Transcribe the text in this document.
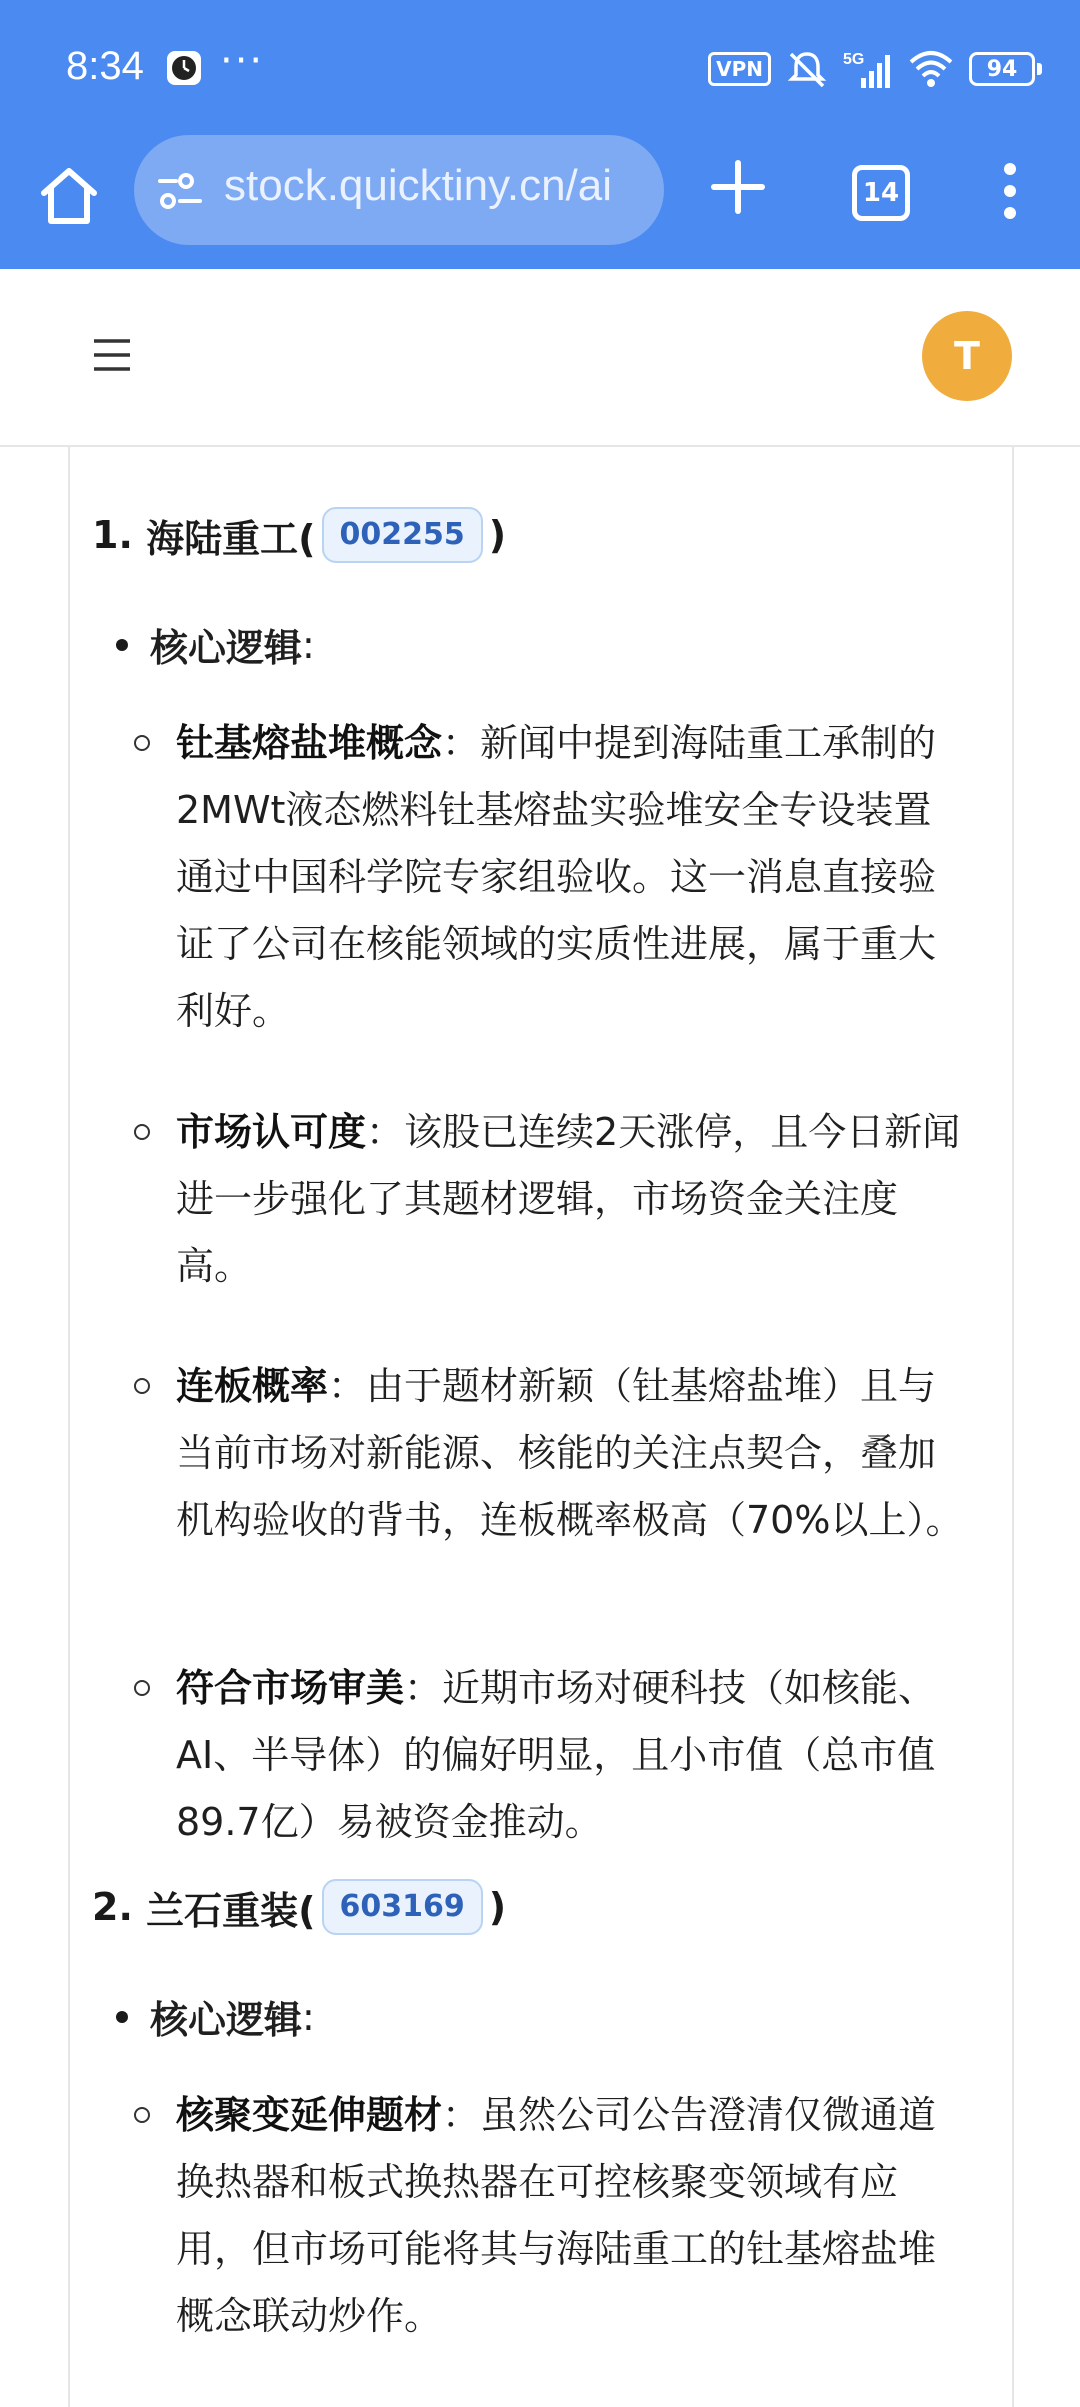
8:34 ···	VPN	5G	94
stock.quicktiny.cn/ai	14
T
1.
海陆重工( 002255 )
核心逻辑 :
钍基熔盐堆概念：新闻中提到海陆重工承制的2MWt液态燃料钍基熔盐实验堆安全专设装置通过中国科学院专家组验收。这一消息直接验证了公司在核能领域的实质性进展，属于重大利好。
市场认可度：该股已连续2天涨停，且今日新闻进一步强化了其题材逻辑，市场资金关注度高。
连板概率：由于题材新颖（钍基熔盐堆）且与当前市场对新能源、核能的关注点契合，叠加机构验收的背书，连板概率极高（70%以上）。
符合市场审美：近期市场对硬科技（如核能、AI、半导体）的偏好明显，且小市值（总市值89.7亿）易被资金推动。
2.
兰石重装( 603169 )
核心逻辑 :
核聚变延伸题材：虽然公司公告澄清仅微通道换热器和板式换热器在可控核聚变领域有应用，但市场可能将其与海陆重工的钍基熔盐堆概念联动炒作。
